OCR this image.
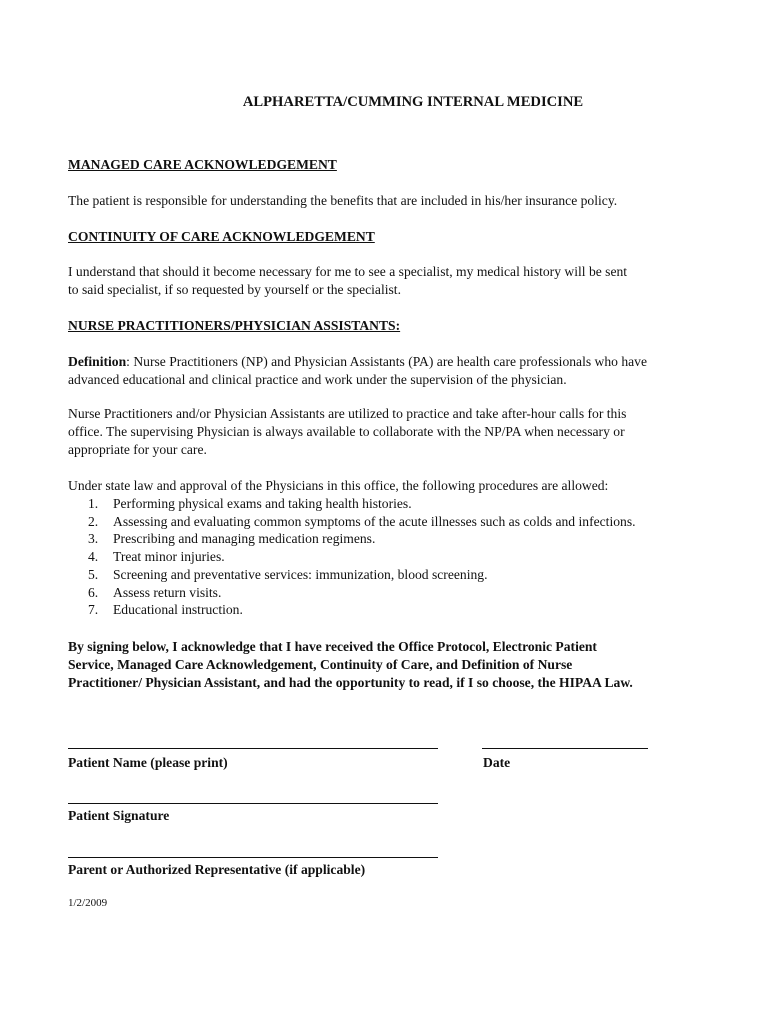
ALPHARETTA/CUMMING INTERNAL MEDICINE
MANAGED CARE ACKNOWLEDGEMENT
The patient is responsible for understanding the benefits that are included in his/her insurance policy.
CONTINUITY OF CARE ACKNOWLEDGEMENT

I understand that should it become necessary for me to see a specialist, my medical history will be sent

to said specialist, if so requested by yourself or the specialist.

NURSE PRACTITIONERS/PHYSICIAN ASSISTANTS:

Definition: Nurse Practitioners (NP) and Physician Assistants (PA) are health care professionals who have

advanced educational and clinical practice and work under the supervision of the physician.

Nurse Practitioners and/or Physician Assistants are utilized to practice and take after-hour calls for this

office. The supervising Physician is always available to collaborate with the NP/PA when necessary or

appropriate for your care.

Under state law and approval of the Physicians in this office, the following procedures are allowed:
1.	Performing physical exams and taking health histories.
2.	Assessing and evaluating common symptoms of the acute illnesses such as colds and infections.
3.	Prescribing and managing medication regimens.
4.	Treat minor injuries.
5.	Screening and preventative services: immunization, blood screening.
6.	Assess return visits.
7.	Educational instruction.

By signing below, I acknowledge that I have received the Office Protocol, Electronic Patient

Service, Managed Care Acknowledgement, Continuity of Care, and Definition of Nurse

Practitioner/ Physician Assistant, and had the opportunity to read, if I so choose, the HIPAA Law.

Patient Name (please print)	Date
Patient Signature
Parent or Authorized Representative (if applicable)
1/2/2009
